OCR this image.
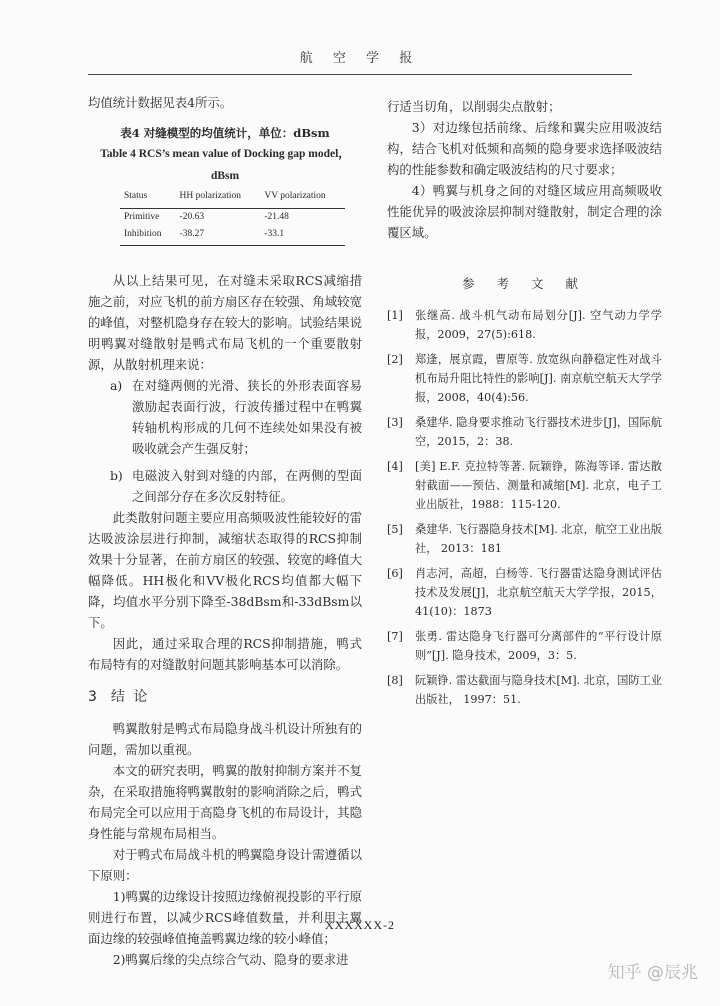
航 空 学 报

均值统计数据见表4所示。

表4 对缝模型的均值统计，单位：dBsm
Table 4 RCS’s mean value of Docking gap model，dBsm
Status	HH polarization	VV polarization
Primitive	-20.63	-21.48
Inhibition	-38.27	-33.1

从以上结果可见，在对缝未采取RCS减缩措施之前，对应飞机的前方扇区存在较强、角域较宽的峰值，对整机隐身存在较大的影响。试验结果说明鸭翼对缝散射是鸭式布局飞机的一个重要散射源，从散射机理来说：

a) 在对缝两侧的光滑、狭长的外形表面容易激励起表面行波，行波传播过程中在鸭翼转轴机构形成的几何不连续处如果没有被吸收就会产生强反射；
b) 电磁波入射到对缝的内部，在两侧的型面之间部分存在多次反射特征。

此类散射问题主要应用高频吸波性能较好的雷达吸波涂层进行抑制，减缩状态取得的RCS抑制效果十分显著，在前方扇区的较强、较宽的峰值大幅降低。HH极化和VV极化RCS均值都大幅下降，均值水平分别下降至-38dBsm和-33dBsm以下。

因此，通过采取合理的RCS抑制措施，鸭式布局特有的对缝散射问题其影响基本可以消除。

3 结 论

鸭翼散射是鸭式布局隐身战斗机设计所独有的问题，需加以重视。

本文的研究表明，鸭翼的散射抑制方案并不复杂，在采取措施将鸭翼散射的影响消除之后，鸭式布局完全可以应用于高隐身飞机的布局设计，其隐身性能与常规布局相当。

对于鸭式布局战斗机的鸭翼隐身设计需遵循以下原则：

1)鸭翼的边缘设计按照边缘俯视投影的平行原则进行布置，以减少RCS峰值数量，并利用主翼面边缘的较强峰值掩盖鸭翼边缘的较小峰值；

2)鸭翼后缘的尖点综合气动、隐身的要求进

行适当切角，以削弱尖点散射；

3）对边缘包括前缘、后缘和翼尖应用吸波结构，结合飞机对低频和高频的隐身要求选择吸波结构的性能参数和确定吸波结构的尺寸要求；

4）鸭翼与机身之间的对缝区域应用高频吸收性能优异的吸波涂层抑制对缝散射，制定合理的涂覆区域。

参 考 文 献
[1]	张继高. 战斗机气动布局划分[J]. 空气动力学学报，2009，27(5):618.
[2]	郑逢，展京霞，曹原等. 放宽纵向静稳定性对战斗机布局升阻比特性的影响[J]. 南京航空航天大学学报，2008，40(4):56.
[3]	桑建华. 隐身要求推动飞行器技术进步[J]，国际航空，2015，2：38.
[4]	[美] E.F. 克拉特等著. 阮颖铮，陈海等译. 雷达散射截面——预估、测量和减缩[M]. 北京，电子工业出版社，1988：115-120.
[5]	桑建华. 飞行器隐身技术[M]. 北京，航空工业出版社， 2013：181
[6]	肖志河，高超，白杨等. 飞行器雷达隐身测试评估技术及发展[J]，北京航空航天大学学报，2015，41(10)：1873
[7]	张勇. 雷达隐身飞行器可分离部件的“平行设计原则”[J]. 隐身技术，2009，3：5.
[8]	阮颖铮. 雷达截面与隐身技术[M]. 北京，国防工业出版社， 1997：51.
XXXXXX-2
知乎 @辰兆
